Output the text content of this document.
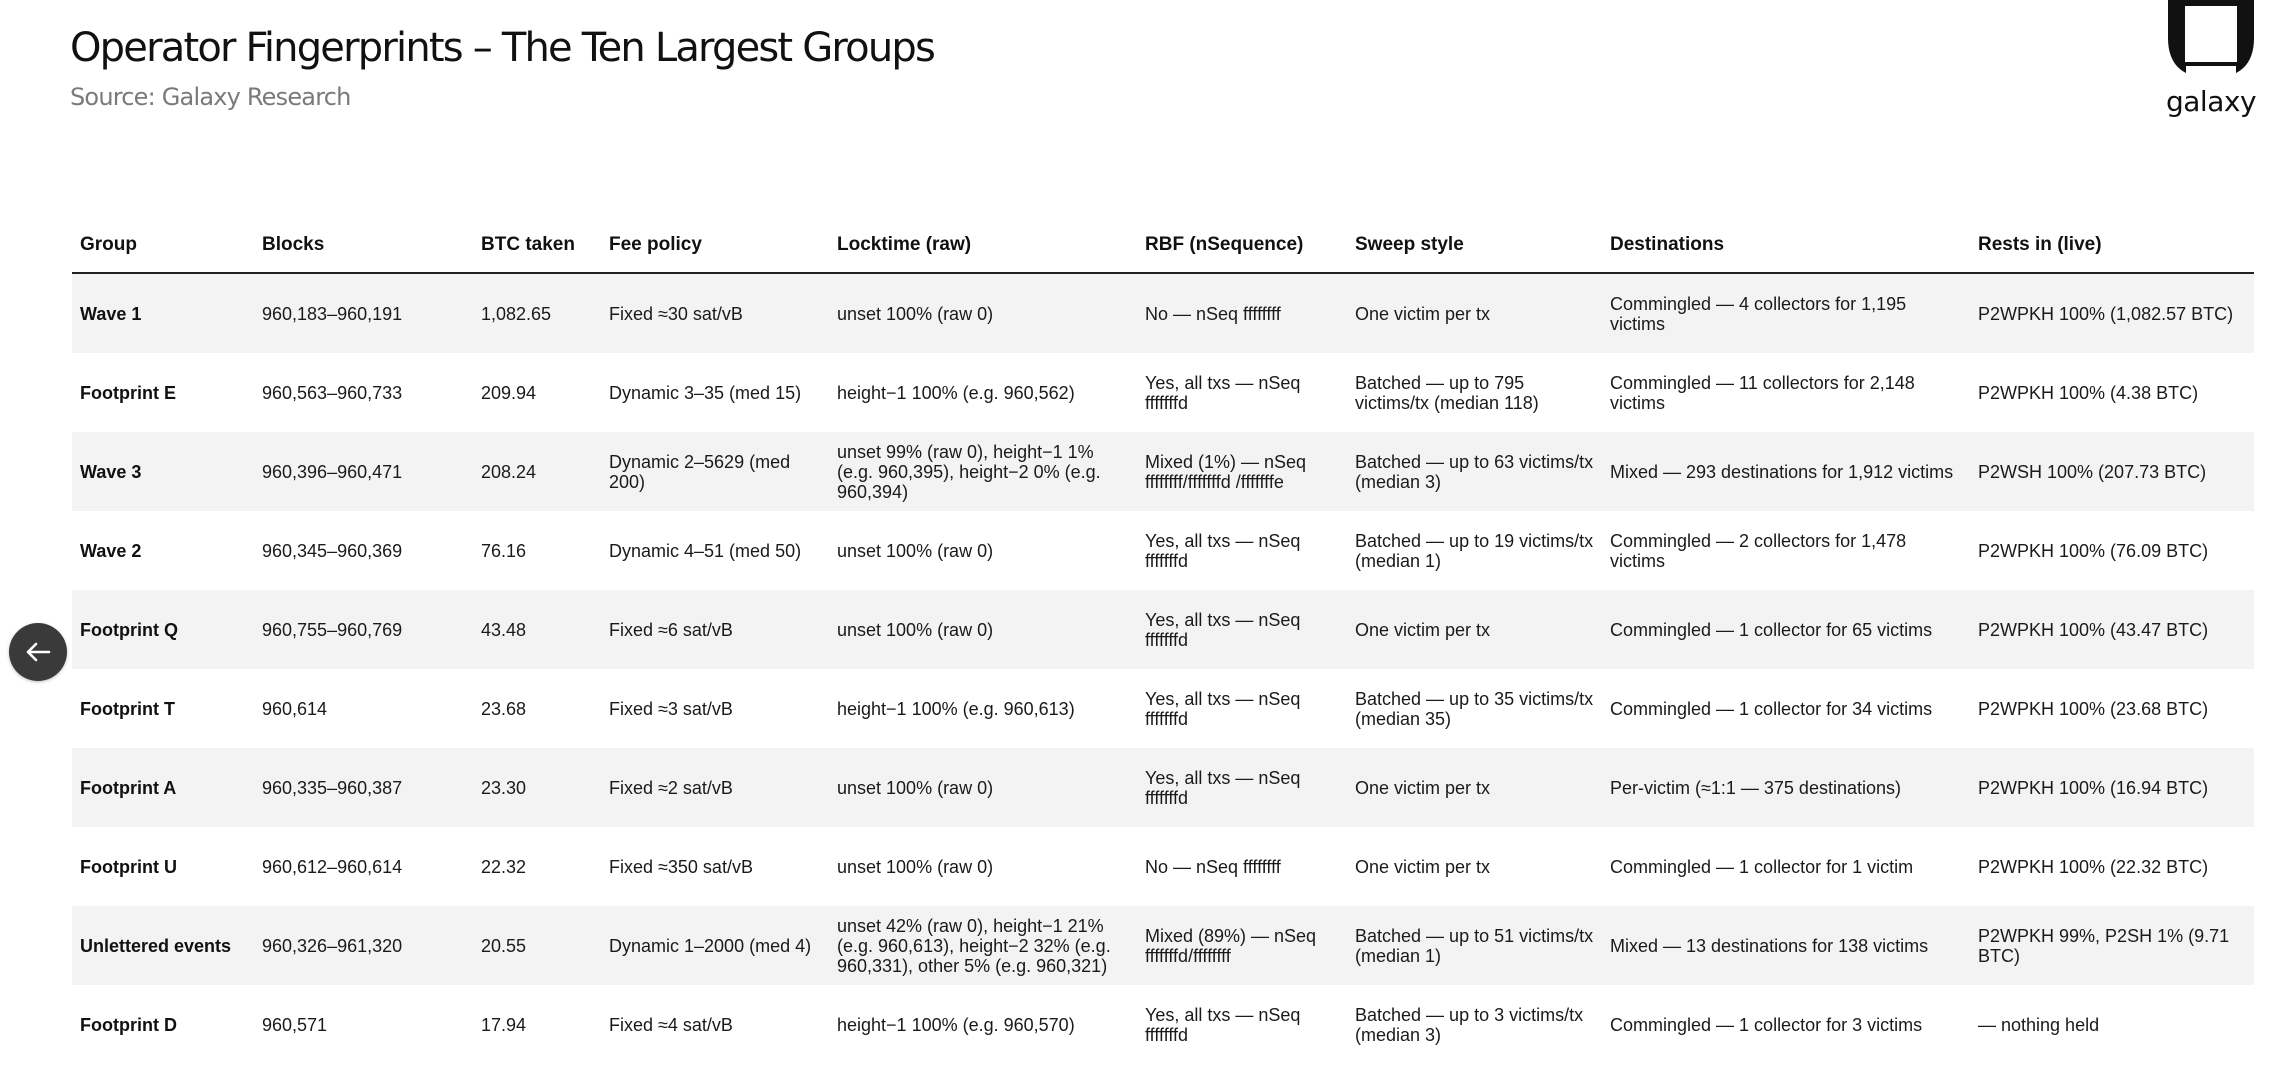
Operator Fingerprints – The Ten Largest Groups
Source: Galaxy Research	galaxy
Group	Blocks	BTC taken	Fee policy	Locktime (raw)	RBF (nSequence)	Sweep style	Destinations	Rests in (live)
Wave 1	960,183–960,191	1,082.65	Fixed ≈30 sat/vB	unset 100% (raw 0)	No — nSeq ffffffff	One victim per tx	Commingled — 4 collectors for 1,195 victims	P2WPKH 100% (1,082.57 BTC)
Footprint E	960,563–960,733	209.94	Dynamic 3–35 (med 15)	height−1 100% (e.g. 960,562)	Yes, all txs — nSeq fffffffd	Batched — up to 795 victims/tx (median 118)	Commingled — 11 collectors for 2,148 victims	P2WPKH 100% (4.38 BTC)
Wave 3	960,396–960,471	208.24	Dynamic 2–5629 (med 200)	unset 99% (raw 0), height−1 1% (e.g. 960,395), height−2 0% (e.g. 960,394)	Mixed (1%) — nSeq ffffffff/fffffffd /fffffffe	Batched — up to 63 victims/tx (median 3)	Mixed — 293 destinations for 1,912 victims	P2WSH 100% (207.73 BTC)
Wave 2	960,345–960,369	76.16	Dynamic 4–51 (med 50)	unset 100% (raw 0)	Yes, all txs — nSeq fffffffd	Batched — up to 19 victims/tx (median 1)	Commingled — 2 collectors for 1,478 victims	P2WPKH 100% (76.09 BTC)
Footprint Q	960,755–960,769	43.48	Fixed ≈6 sat/vB	unset 100% (raw 0)	Yes, all txs — nSeq fffffffd	One victim per tx	Commingled — 1 collector for 65 victims	P2WPKH 100% (43.47 BTC)
Footprint T	960,614	23.68	Fixed ≈3 sat/vB	height−1 100% (e.g. 960,613)	Yes, all txs — nSeq fffffffd	Batched — up to 35 victims/tx (median 35)	Commingled — 1 collector for 34 victims	P2WPKH 100% (23.68 BTC)
Footprint A	960,335–960,387	23.30	Fixed ≈2 sat/vB	unset 100% (raw 0)	Yes, all txs — nSeq fffffffd	One victim per tx	Per-victim (≈1:1 — 375 destinations)	P2WPKH 100% (16.94 BTC)
Footprint U	960,612–960,614	22.32	Fixed ≈350 sat/vB	unset 100% (raw 0)	No — nSeq ffffffff	One victim per tx	Commingled — 1 collector for 1 victim	P2WPKH 100% (22.32 BTC)
Unlettered events	960,326–961,320	20.55	Dynamic 1–2000 (med 4)	unset 42% (raw 0), height−1 21% (e.g. 960,613), height−2 32% (e.g. 960,331), other 5% (e.g. 960,321)	Mixed (89%) — nSeq fffffffd/ffffffff	Batched — up to 51 victims/tx (median 1)	Mixed — 13 destinations for 138 victims	P2WPKH 99%, P2SH 1% (9.71 BTC)
Footprint D	960,571	17.94	Fixed ≈4 sat/vB	height−1 100% (e.g. 960,570)	Yes, all txs — nSeq fffffffd	Batched — up to 3 victims/tx (median 3)	Commingled — 1 collector for 3 victims	— nothing held
